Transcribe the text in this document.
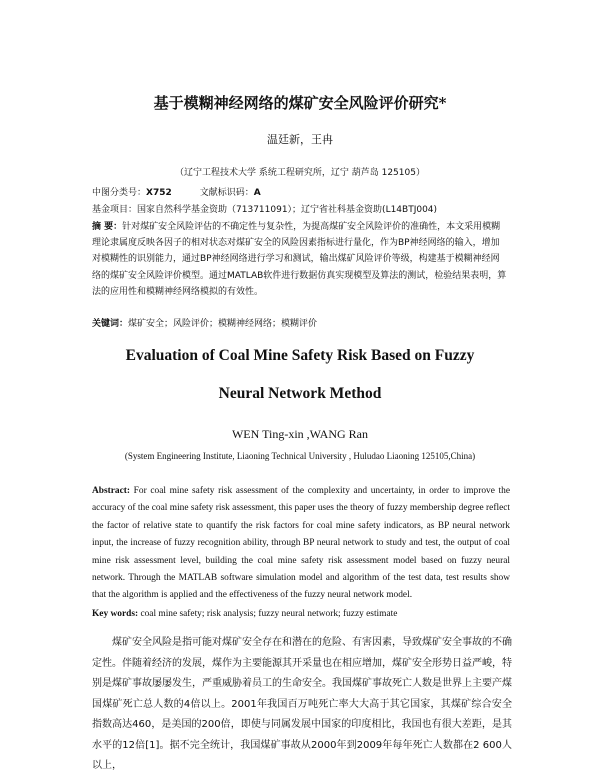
基于模糊神经网络的煤矿安全风险评价研究*
温廷新，王冉
（辽宁工程技术大学 系统工程研究所，辽宁 葫芦岛 125105）
中图分类号：X752	文献标识码：A
基金项目：国家自然科学基金资助（713711091）；辽宁省社科基金资助(L14BTJ004)
摘 要：针对煤矿安全风险评估的不确定性与复杂性，为提高煤矿安全风险评价的准确性，本文采用模糊理论隶属度反映各因子的相对状态对煤矿安全的风险因素指标进行量化，作为BP神经网络的输入，增加对模糊性的识别能力，通过BP神经网络进行学习和测试，输出煤矿风险评价等级，构建基于模糊神经网络的煤矿安全风险评价模型。通过MATLAB软件进行数据仿真实现模型及算法的测试，检验结果表明，算法的应用性和模糊神经网络模拟的有效性。
关键词：煤矿安全；风险评价；模糊神经网络；模糊评价
Evaluation of Coal Mine Safety Risk Based on Fuzzy
Neural Network Method
WEN Ting-xin ,WANG Ran
(System Engineering Institute, Liaoning Technical University , Huludao Liaoning 125105,China)
Abstract: For coal mine safety risk assessment of the complexity and uncertainty, in order to improve the accuracy of the coal mine safety risk assessment, this paper uses the theory of fuzzy membership degree reflect the factor of relative state to quantify the risk factors for coal mine safety indicators, as BP neural network input, the increase of fuzzy recognition ability, through BP neural network to study and test, the output of coal mine risk assessment level, building the coal mine safety risk assessment model based on fuzzy neural network. Through the MATLAB software simulation model and algorithm of the test data, test results show that the algorithm is applied and the effectiveness of the fuzzy neural network model.
Key words: coal mine safety; risk analysis; fuzzy neural network; fuzzy estimate

煤矿安全风险是指可能对煤矿安全存在和潜在的危险、有害因素，导致煤矿安全事故的不确定性。伴随着经济的发展，煤作为主要能源其开采量也在相应增加，煤矿安全形势日益严峻，特别是煤矿事故屡屡发生，严重威胁着员工的生命安全。我国煤矿事故死亡人数是世界上主要产煤国煤矿死亡总人数的4倍以上。2001年我国百万吨死亡率大大高于其它国家，其煤矿综合安全指数高达460，是美国的200倍，即使与同属发展中国家的印度相比，我国也有很大差距，是其水平的12倍[1]。据不完全统计，我国煤矿事故从2000年到2009年每年死亡人数都在2 600人以上，
